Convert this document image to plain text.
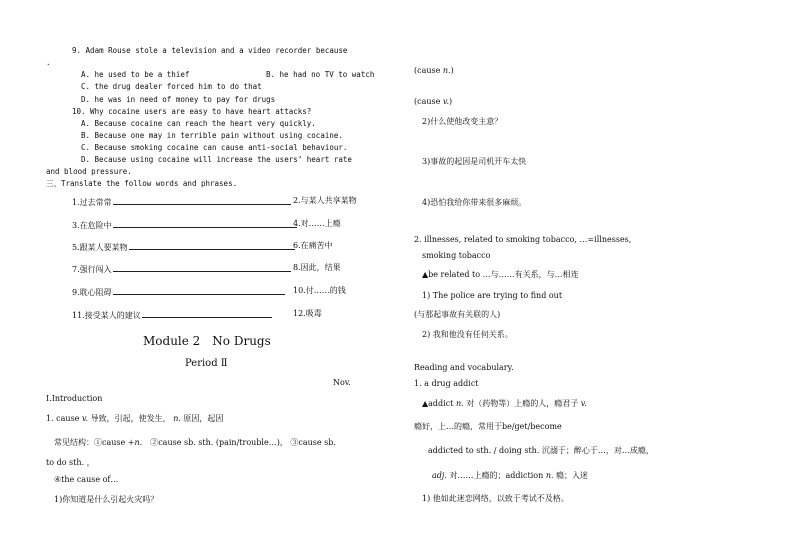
9. Adam Rouse stole a television and a video recorder because
.
A. he used to be a thief	B. he had no TV to watch
C. the drug dealer forced him to do that
D. he was in need of money to pay for drugs
10. Why cocaine users are easy to have heart attacks?
A. Because cocaine can reach the heart very quickly.
B. Because one may in terrible pain without using cocaine.
C. Because smoking cocaine can cause anti-social behaviour.
D. Because using cocaine will increase the users’ heart rate
and blood pressure.
三、Translate the follow words and phrases.
1.过去常常	2.与某人共享某物
3.在危险中	4.对……上瘾
5.跟某人要某物	6.在痛苦中
7.强行闯入	8.因此，结果
9.耽心阻碍	10.付……的钱
11.接受某人的建议	12.吸毒
Module 2　No Drugs
Period Ⅱ
Nov.
Ⅰ.Introduction
1. cause v. 导致，引起，使发生， n. 原因，起因
常见结构：①cause +n.　 ②cause sb. sth. (pain/trouble…)， ③cause sb.
to do sth. ，
④the cause of…
1)你知道是什么引起火灾吗？
(cause n.)
(cause v.)
2)什么使他改变主意？
3)事故的起因是司机开车太快
4)恐怕我给你带来很多麻烦。
2. illnesses, related to smoking tobacco, …=illnesses,
smoking tobacco
▲be related to …与……有关系，与…相连
1) The police are trying to find out
(与那起事故有关联的人)
2) 我和他没有任何关系。
Reading and vocabulary.
1. a drug addict
▲addict n. 对（药物等）上瘾的人，瘾君子 v.
瘾好，上…的瘾，常用于be/get/become
addicted to sth. / doing sth. 沉溺于；醉心于…，对…成瘾，
adj. 对……上瘾的；addiction n. 瘾；入迷
1) 他如此迷恋网络，以致于考试不及格。
